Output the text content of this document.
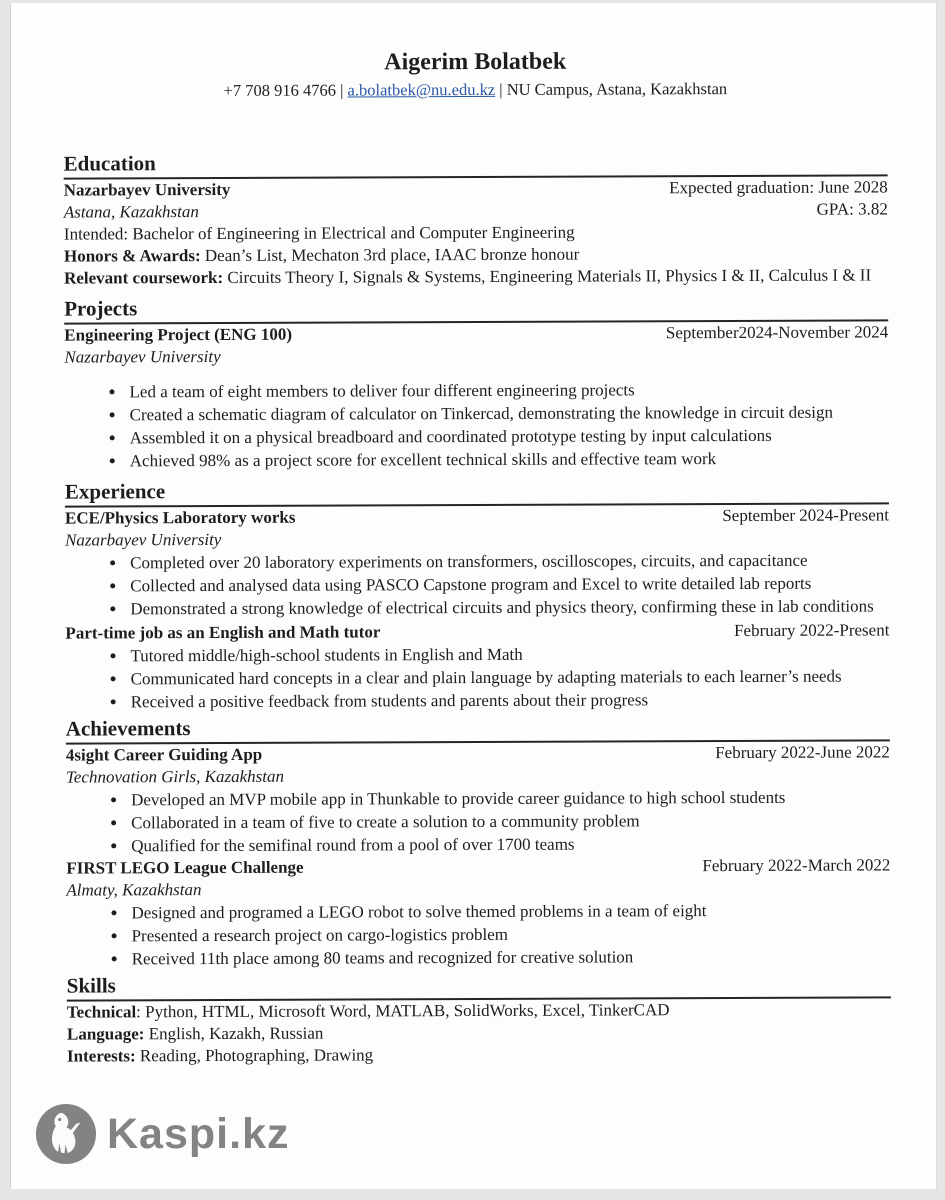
Aigerim Bolatbek
+7 708 916 4766 | a.bolatbek@nu.edu.kz | NU Campus, Astana, Kazakhstan
Education
Nazarbayev University	Expected graduation: June 2028
Astana, Kazakhstan	GPA: 3.82
Intended: Bachelor of Engineering in Electrical and Computer Engineering
Honors & Awards: Dean’s List, Mechaton 3rd place, IAAC bronze honour
Relevant coursework: Circuits Theory I, Signals & Systems, Engineering Materials II, Physics I & II, Calculus I & II
Projects
Engineering Project (ENG 100)	September2024-November 2024
Nazarbayev University
• Led a team of eight members to deliver four different engineering projects
• Created a schematic diagram of calculator on Tinkercad, demonstrating the knowledge in circuit design
• Assembled it on a physical breadboard and coordinated prototype testing by input calculations
• Achieved 98% as a project score for excellent technical skills and effective team work
Experience
ECE/Physics Laboratory works	September 2024-Present
Nazarbayev University
• Completed over 20 laboratory experiments on transformers, oscilloscopes, circuits, and capacitance
• Collected and analysed data using PASCO Capstone program and Excel to write detailed lab reports
• Demonstrated a strong knowledge of electrical circuits and physics theory, confirming these in lab conditions
Part-time job as an English and Math tutor	February 2022-Present
• Tutored middle/high-school students in English and Math
• Communicated hard concepts in a clear and plain language by adapting materials to each learner’s needs
• Received a positive feedback from students and parents about their progress
Achievements
4sight Career Guiding App	February 2022-June 2022
Technovation Girls, Kazakhstan
• Developed an MVP mobile app in Thunkable to provide career guidance to high school students
• Collaborated in a team of five to create a solution to a community problem
• Qualified for the semifinal round from a pool of over 1700 teams
FIRST LEGO League Challenge	February 2022-March 2022
Almaty, Kazakhstan
• Designed and programed a LEGO robot to solve themed problems in a team of eight
• Presented a research project on cargo-logistics problem
• Received 11th place among 80 teams and recognized for creative solution
Skills
Technical: Python, HTML, Microsoft Word, MATLAB, SolidWorks, Excel, TinkerCAD
Language: English, Kazakh, Russian
Interests: Reading, Photographing, Drawing
Kaspi.kz
